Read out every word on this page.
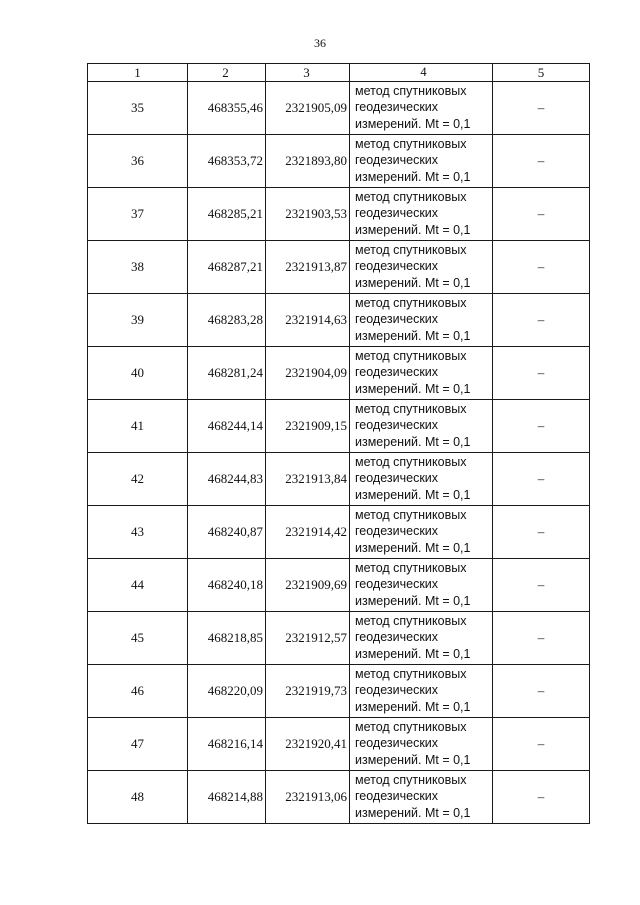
36
1	2	3	4	5
35	468355,46	2321905,09	метод спутниковых
геодезических
измерений. Mt = 0,1	–
36	468353,72	2321893,80	метод спутниковых
геодезических
измерений. Mt = 0,1	–
37	468285,21	2321903,53	метод спутниковых
геодезических
измерений. Mt = 0,1	–
38	468287,21	2321913,87	метод спутниковых
геодезических
измерений. Mt = 0,1	–
39	468283,28	2321914,63	метод спутниковых
геодезических
измерений. Mt = 0,1	–
40	468281,24	2321904,09	метод спутниковых
геодезических
измерений. Mt = 0,1	–
41	468244,14	2321909,15	метод спутниковых
геодезических
измерений. Mt = 0,1	–
42	468244,83	2321913,84	метод спутниковых
геодезических
измерений. Mt = 0,1	–
43	468240,87	2321914,42	метод спутниковых
геодезических
измерений. Mt = 0,1	–
44	468240,18	2321909,69	метод спутниковых
геодезических
измерений. Mt = 0,1	–
45	468218,85	2321912,57	метод спутниковых
геодезических
измерений. Mt = 0,1	–
46	468220,09	2321919,73	метод спутниковых
геодезических
измерений. Mt = 0,1	–
47	468216,14	2321920,41	метод спутниковых
геодезических
измерений. Mt = 0,1	–
48	468214,88	2321913,06	метод спутниковых
геодезических
измерений. Mt = 0,1	–
